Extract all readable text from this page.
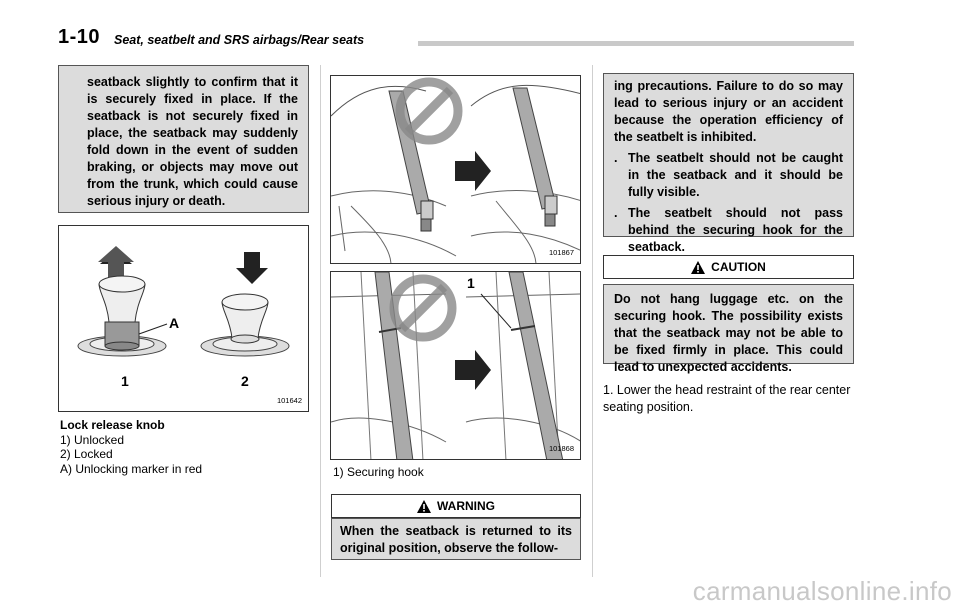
1-10 Seat, seatbelt and SRS airbags/Rear seats
seatback slightly to confirm that it is securely fixed in place. If the seatback is not securely fixed in place, the seatback may suddenly fold down in the event of sudden braking, or objects may move out from the trunk, which could cause serious injury or death.
A
1	2
101642
Lock release knob
1) Unlocked
2) Locked
A) Unlocking marker in red
101867
1
101868
1) Securing hook
WARNING
When the seatback is returned to its original position, observe the follow-
ing precautions. Failure to do so may lead to serious injury or an accident because the operation efficiency of the seatbelt is inhibited.
. The seatbelt should not be caught in the seatback and it should be fully visible.
. The seatbelt should not pass behind the securing hook for the seatback.
CAUTION
Do not hang luggage etc. on the securing hook. The possibility exists that the seatback may not be able to be fixed firmly in place. This could lead to unexpected accidents.
1. Lower the head restraint of the rear center seating position.
carmanualsonline.info
